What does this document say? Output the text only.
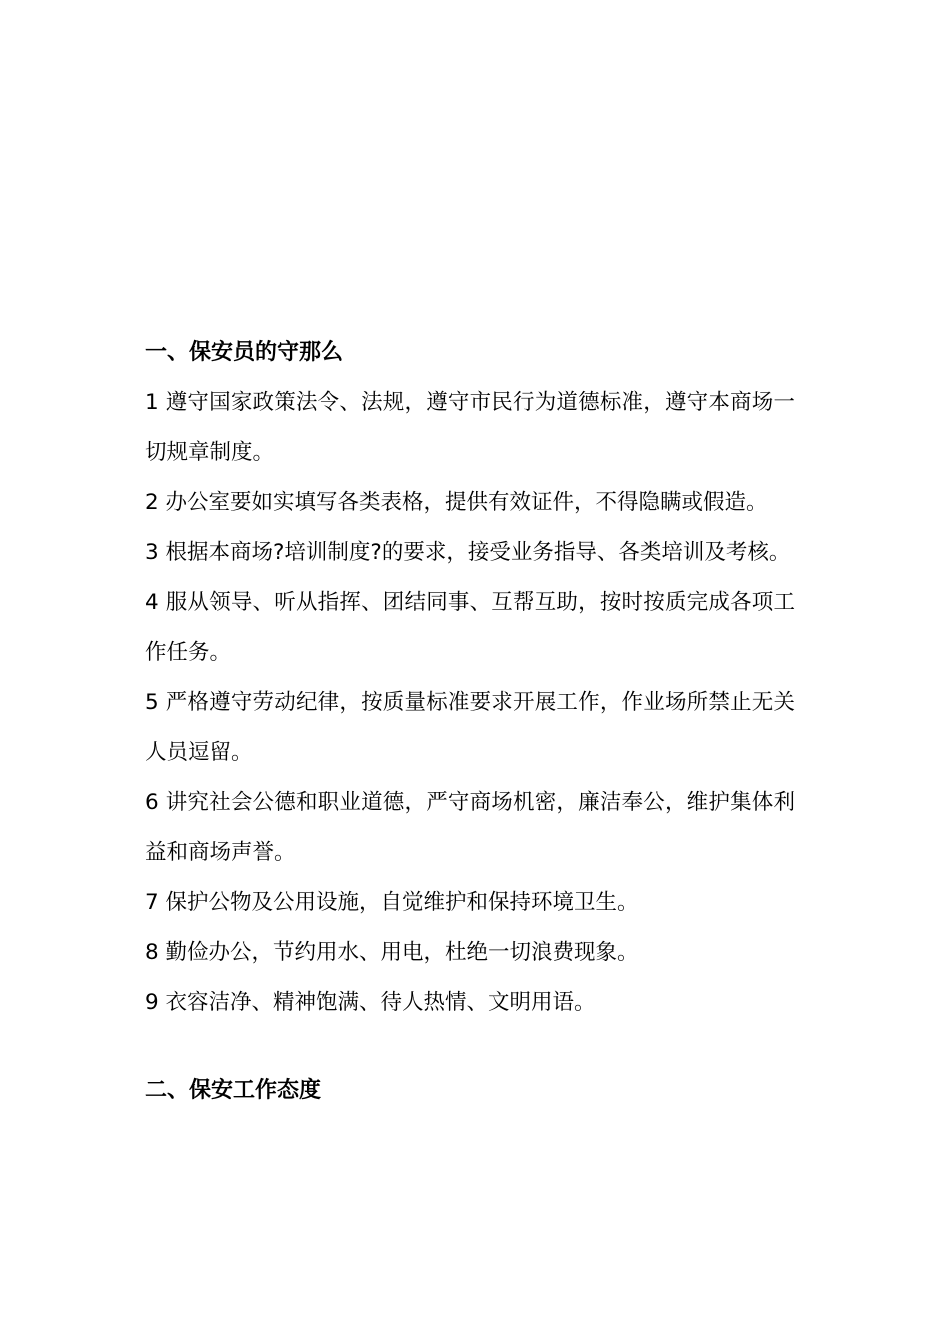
一、保安员的守那么

1 遵守国家政策法令、法规，遵守市民行为道德标准，遵守本商场一切规章制度。

2 办公室要如实填写各类表格，提供有效证件，不得隐瞒或假造。

3 根据本商场?培训制度?的要求，接受业务指导、各类培训及考核。

4 服从领导、听从指挥、团结同事、互帮互助，按时按质完成各项工作任务。

5 严格遵守劳动纪律，按质量标准要求开展工作，作业场所禁止无关人员逗留。

6 讲究社会公德和职业道德，严守商场机密，廉洁奉公，维护集体利益和商场声誉。

7 保护公物及公用设施，自觉维护和保持环境卫生。

8 勤俭办公，节约用水、用电，杜绝一切浪费现象。

9 衣容洁净、精神饱满、待人热情、文明用语。

二、保安工作态度
